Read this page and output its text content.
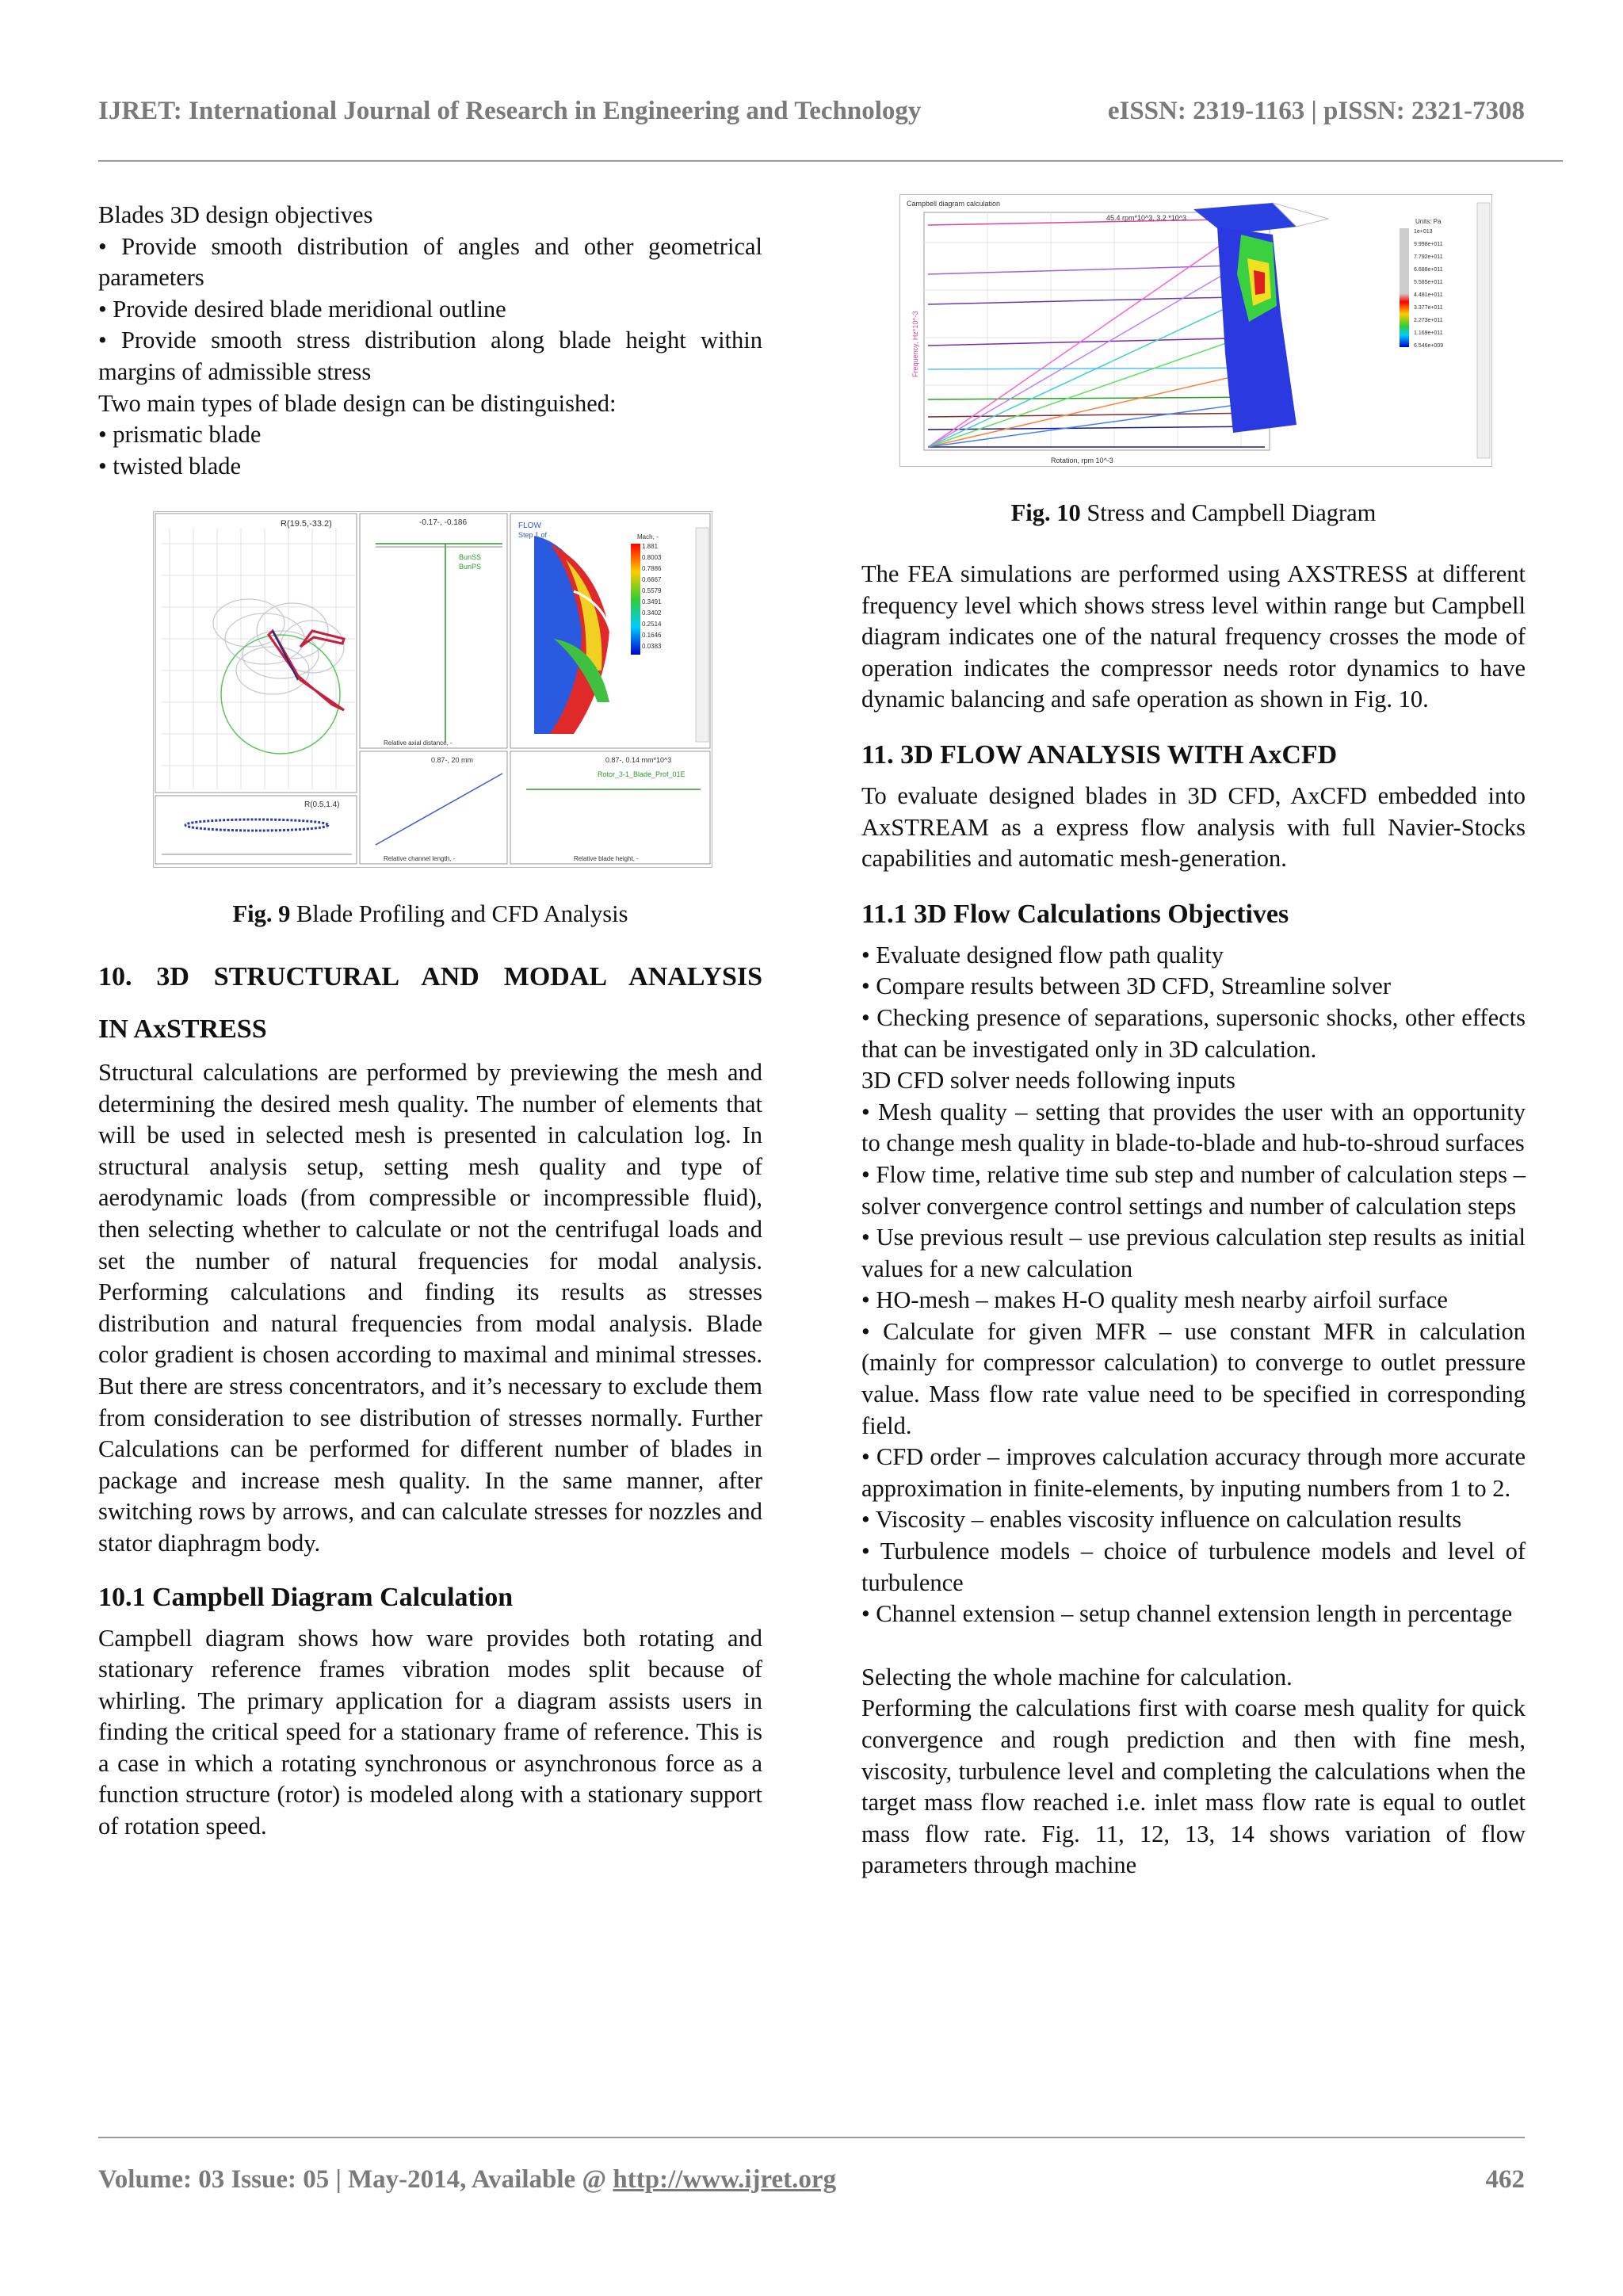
IJRET: International Journal of Research in Engineering and Technology	eISSN: 2319-1163 | pISSN: 2321-7308

Blades 3D design objectives

• Provide smooth distribution of angles and other geometrical parameters

• Provide desired blade meridional outline

• Provide smooth stress distribution along blade height within margins of admissible stress

Two main types of blade design can be distinguished:

• prismatic blade

• twisted blade

R(19.5,-33.2)
R(0.5,1.4)
-0.17-, -0.186
BunSS
BunPS
Relative axial distance, -
0.87-, 20 mm
Relative channel length, -
FLOW
Step 1 of	Mach, -
1.881
0.8003
0.7886
0.6667
0.5579
0.3491
0.3402
0.2514
0.1646
0.0383
0.87-, 0.14 mm*10^3
Rotor_3-1_Blade_Prof_01E
Relative blade height, -
Fig. 9 Blade Profiling and CFD Analysis

10. 3D STRUCTURAL AND MODAL ANALYSIS

IN AxSTRESS

Structural calculations are performed by previewing the mesh and determining the desired mesh quality. The number of elements that will be used in selected mesh is presented in calculation log. In structural analysis setup, setting mesh quality and type of aerodynamic loads (from compressible or incompressible fluid), then selecting whether to calculate or not the centrifugal loads and set the number of natural frequencies for modal analysis. Performing calculations and finding its results as stresses distribution and natural frequencies from modal analysis. Blade color gradient is chosen according to maximal and minimal stresses. But there are stress concentrators, and it’s necessary to exclude them from consideration to see distribution of stresses normally. Further Calculations can be performed for different number of blades in package and increase mesh quality. In the same manner, after switching rows by arrows, and can calculate stresses for nozzles and stator diaphragm body.

10.1 Campbell Diagram Calculation

Campbell diagram shows how ware provides both rotating and stationary reference frames vibration modes split because of whirling. The primary application for a diagram assists users in finding the critical speed for a stationary frame of reference. This is a case in which a rotating synchronous or asynchronous force as a function structure (rotor) is modeled along with a stationary support of rotation speed.

Campbell diagram calculation
45.4 rpm*10^3, 3.2 *10^3
Frequency, Hz*10^-3
Rotation, rpm 10^-3
Units: Pa
1e+013
9.998e+011
7.792e+011
6.688e+011
5.585e+011
4.481e+011
3.377e+011
2.273e+011
1.169e+011
6.546e+009
Fig. 10 Stress and Campbell Diagram

The FEA simulations are performed using AXSTRESS at different frequency level which shows stress level within range but Campbell diagram indicates one of the natural frequency crosses the mode of operation indicates the compressor needs rotor dynamics to have dynamic balancing and safe operation as shown in Fig. 10.

11. 3D FLOW ANALYSIS WITH AxCFD

To evaluate designed blades in 3D CFD, AxCFD embedded into AxSTREAM as a express flow analysis with full Navier-Stocks capabilities and automatic mesh-generation.

11.1 3D Flow Calculations Objectives

• Evaluate designed flow path quality

• Compare results between 3D CFD, Streamline solver

• Checking presence of separations, supersonic shocks, other effects that can be investigated only in 3D calculation.

3D CFD solver needs following inputs

• Mesh quality – setting that provides the user with an opportunity to change mesh quality in blade-to-blade and hub-to-shroud surfaces

• Flow time, relative time sub step and number of calculation steps – solver convergence control settings and number of calculation steps

• Use previous result – use previous calculation step results as initial values for a new calculation

• HO-mesh – makes H-O quality mesh nearby airfoil surface

• Calculate for given MFR – use constant MFR in calculation (mainly for compressor calculation) to converge to outlet pressure value. Mass flow rate value need to be specified in corresponding field.

• CFD order – improves calculation accuracy through more accurate approximation in finite-elements, by inputing numbers from 1 to 2.

• Viscosity – enables viscosity influence on calculation results

• Turbulence models – choice of turbulence models and level of turbulence

• Channel extension – setup channel extension length in percentage

Selecting the whole machine for calculation.

Performing the calculations first with coarse mesh quality for quick convergence and rough prediction and then with fine mesh, viscosity, turbulence level and completing the calculations when the target mass flow reached i.e. inlet mass flow rate is equal to outlet mass flow rate. Fig. 11, 12, 13, 14 shows variation of flow parameters through machine

Volume: 03 Issue: 05 | May-2014, Available @ http://www.ijret.org	462
